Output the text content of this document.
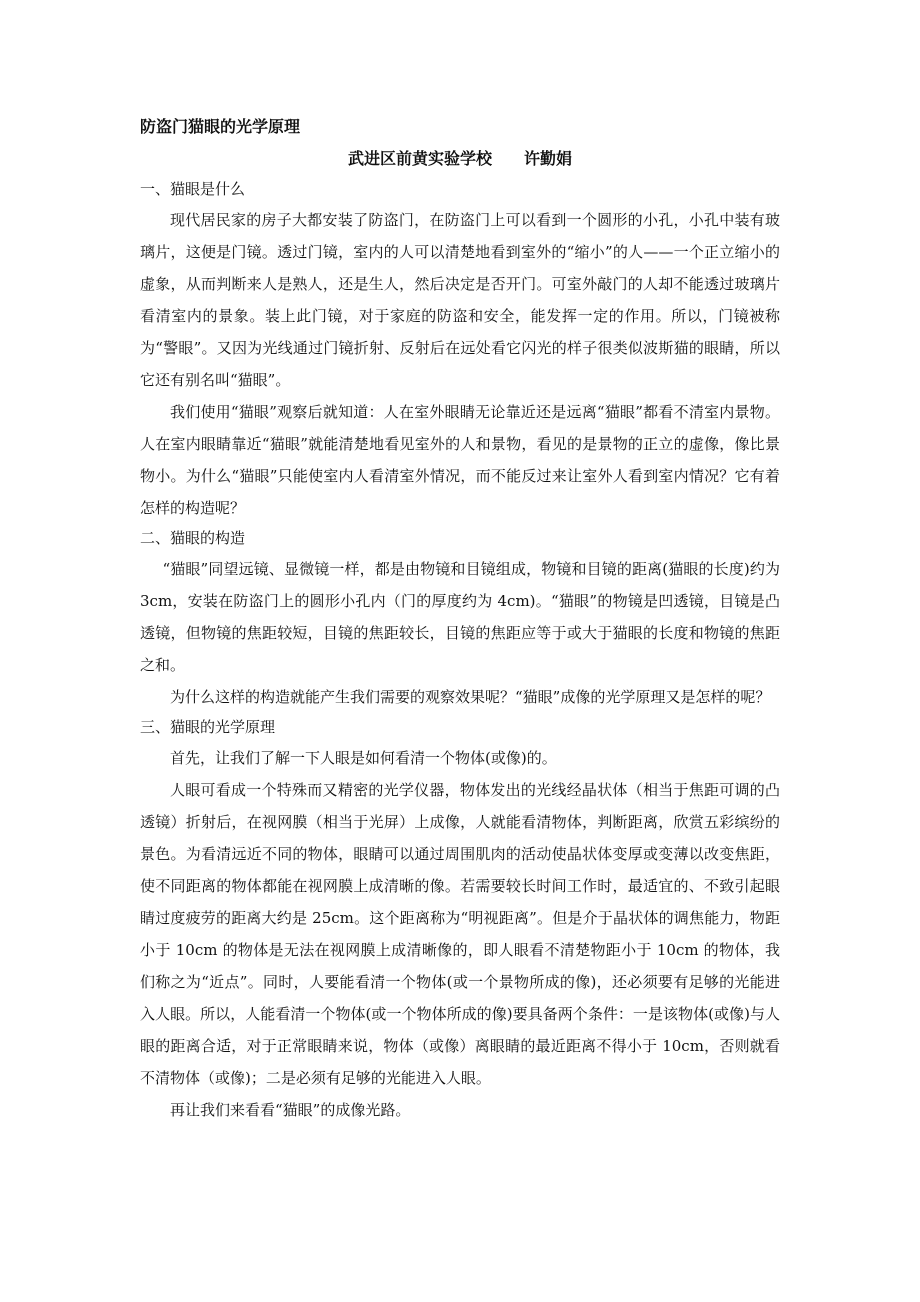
防盗门猫眼的光学原理
武进区前黄实验学校 许勤娟
一、猫眼是什么

现代居民家的房子大都安装了防盗门，在防盗门上可以看到一个圆形的小孔，小孔中装有玻璃片，这便是门镜。透过门镜，室内的人可以清楚地看到室外的“缩小”的人——一个正立缩小的虚象，从而判断来人是熟人，还是生人，然后决定是否开门。可室外敲门的人却不能透过玻璃片看清室内的景象。装上此门镜，对于家庭的防盗和安全，能发挥一定的作用。所以，门镜被称为“警眼”。又因为光线通过门镜折射、反射后在远处看它闪光的样子很类似波斯猫的眼睛，所以它还有别名叫“猫眼”。

我们使用“猫眼”观察后就知道：人在室外眼睛无论靠近还是远离“猫眼”都看不清室内景物。人在室内眼睛靠近“猫眼”就能清楚地看见室外的人和景物，看见的是景物的正立的虚像，像比景物小。为什么“猫眼”只能使室内人看清室外情况，而不能反过来让室外人看到室内情况？它有着怎样的构造呢？

二、猫眼的构造

“猫眼”同望远镜、显微镜一样，都是由物镜和目镜组成，物镜和目镜的距离(猫眼的长度)约为 3cm，安装在防盗门上的圆形小孔内（门的厚度约为 4cm)。“猫眼”的物镜是凹透镜，目镜是凸透镜，但物镜的焦距较短，目镜的焦距较长，目镜的焦距应等于或大于猫眼的长度和物镜的焦距之和。

为什么这样的构造就能产生我们需要的观察效果呢？“猫眼”成像的光学原理又是怎样的呢？

三、猫眼的光学原理

首先，让我们了解一下人眼是如何看清一个物体(或像)的。

人眼可看成一个特殊而又精密的光学仪器，物体发出的光线经晶状体（相当于焦距可调的凸透镜）折射后，在视网膜（相当于光屏）上成像，人就能看清物体，判断距离，欣赏五彩缤纷的景色。为看清远近不同的物体，眼睛可以通过周围肌肉的活动使晶状体变厚或变薄以改变焦距，使不同距离的物体都能在视网膜上成清晰的像。若需要较长时间工作时，最适宜的、不致引起眼睛过度疲劳的距离大约是 25cm。这个距离称为“明视距离”。但是介于晶状体的调焦能力，物距小于 10cm 的物体是无法在视网膜上成清晰像的，即人眼看不清楚物距小于 10cm 的物体，我们称之为“近点”。同时，人要能看清一个物体(或一个景物所成的像)，还必须要有足够的光能进入人眼。所以，人能看清一个物体(或一个物体所成的像)要具备两个条件：一是该物体(或像)与人眼的距离合适，对于正常眼睛来说，物体（或像）离眼睛的最近距离不得小于 10cm，否则就看不清物体（或像)；二是必须有足够的光能进入人眼。

再让我们来看看“猫眼”的成像光路。
